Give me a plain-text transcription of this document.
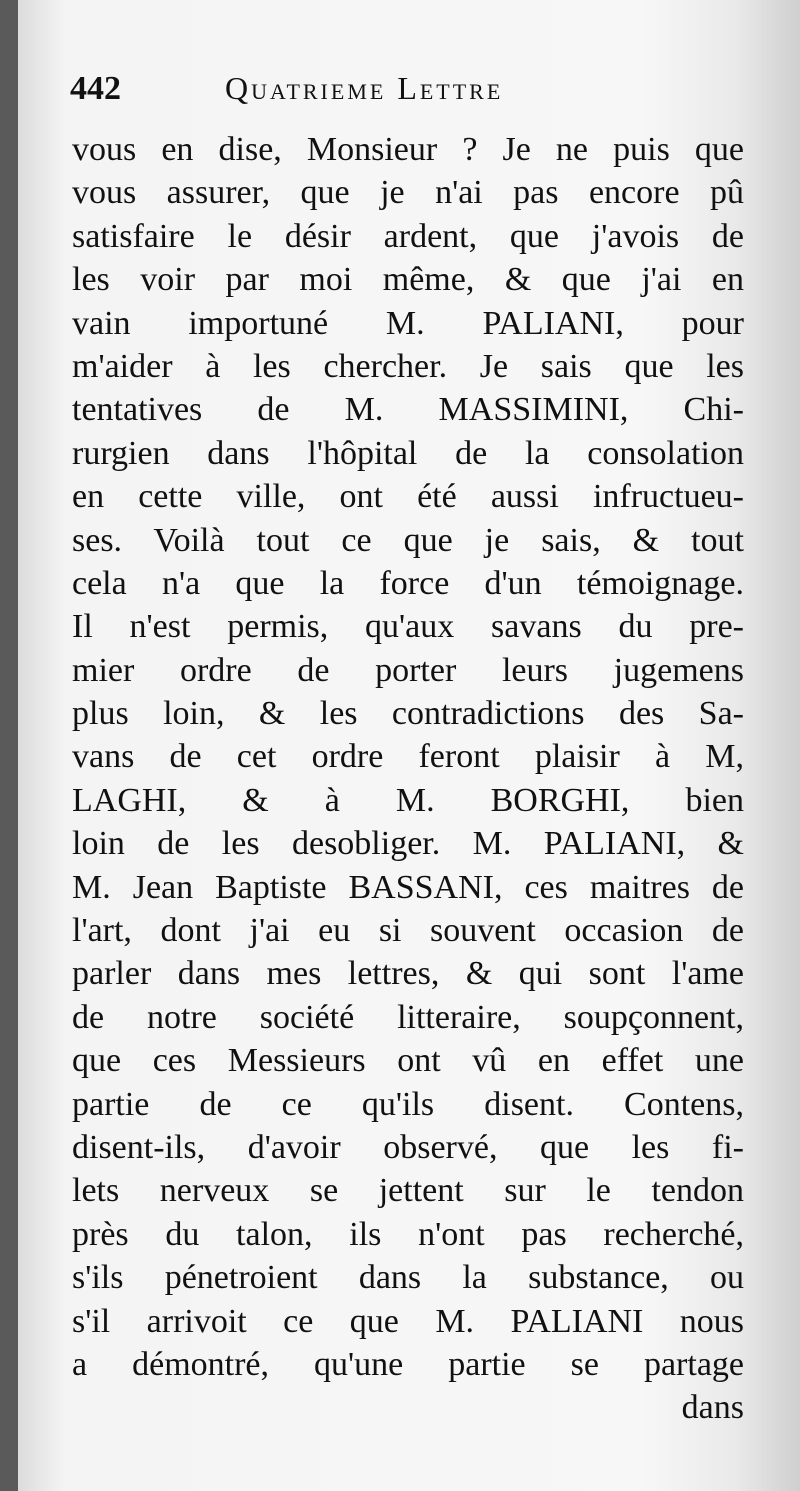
442	Quatrieme Lettre
vous en dise, Monsieur ? Je ne puis que
vous assurer, que je n'ai pas encore pû
satisfaire le désir ardent, que j'avois de
les voir par moi même, & que j'ai en
vain importuné M. PALIANI, pour
m'aider à les chercher. Je sais que les
tentatives de M. MASSIMINI, Chi-
rurgien dans l'hôpital de la consolation
en cette ville, ont été aussi infructueu-
ses. Voilà tout ce que je sais, & tout
cela n'a que la force d'un témoignage.
Il n'est permis, qu'aux savans du pre-
mier ordre de porter leurs jugemens
plus loin, & les contradictions des Sa-
vans de cet ordre feront plaisir à M,
LAGHI, & à M. BORGHI, bien
loin de les desobliger. M. PALIANI, &
M. Jean Baptiste BASSANI, ces maitres de
l'art, dont j'ai eu si souvent occasion de
parler dans mes lettres, & qui sont l'ame
de notre société litteraire, soupçonnent,
que ces Messieurs ont vû en effet une
partie de ce qu'ils disent. Contens,
disent-ils, d'avoir observé, que les fi-
lets nerveux se jettent sur le tendon
près du talon, ils n'ont pas recherché,
s'ils pénetroient dans la substance, ou
s'il arrivoit ce que M. PALIANI nous
a démontré, qu'une partie se partage
dans
